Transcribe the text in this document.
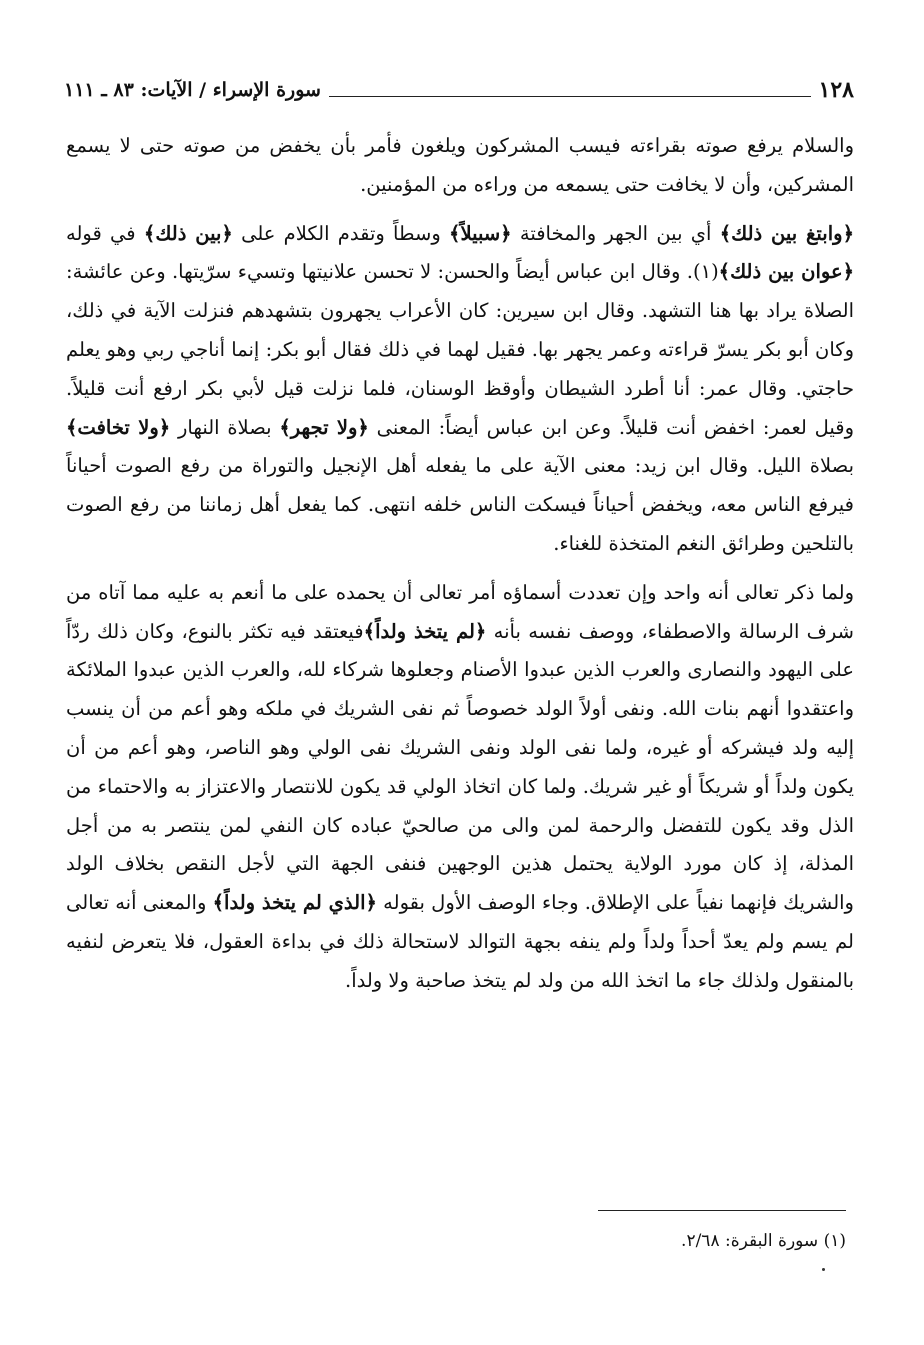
١٢٨
سورة الإسراء / الآيات: ٨٣ ـ ١١١

والسلام يرفع صوته بقراءته فيسب المشركون ويلغون فأمر بأن يخفض من صوته حتى لا يسمع المشركين، وأن لا يخافت حتى يسمعه من وراءه من المؤمنين.

﴿وابتغ بين ذلك﴾ أي بين الجهر والمخافتة ﴿سبيلاً﴾ وسطاً وتقدم الكلام على ﴿بين ذلك﴾ في قوله ﴿عوان بين ذلك﴾(١). وقال ابن عباس أيضاً والحسن: لا تحسن علانيتها وتسيء سرّيتها. وعن عائشة: الصلاة يراد بها هنا التشهد. وقال ابن سيرين: كان الأعراب يجهرون بتشهدهم فنزلت الآية في ذلك، وكان أبو بكر يسرّ قراءته وعمر يجهر بها. فقيل لهما في ذلك فقال أبو بكر: إنما أناجي ربي وهو يعلم حاجتي. وقال عمر: أنا أطرد الشيطان وأوقظ الوسنان، فلما نزلت قيل لأبي بكر ارفع أنت قليلاً. وقيل لعمر: اخفض أنت قليلاً. وعن ابن عباس أيضاً: المعنى ﴿ولا تجهر﴾ بصلاة النهار ﴿ولا تخافت﴾ بصلاة الليل. وقال ابن زيد: معنى الآية على ما يفعله أهل الإنجيل والتوراة من رفع الصوت أحياناً فيرفع الناس معه، ويخفض أحياناً فيسكت الناس خلفه انتهى. كما يفعل أهل زماننا من رفع الصوت بالتلحين وطرائق النغم المتخذة للغناء.

ولما ذكر تعالى أنه واحد وإن تعددت أسماؤه أمر تعالى أن يحمده على ما أنعم به عليه مما آتاه من شرف الرسالة والاصطفاء، ووصف نفسه بأنه ﴿لم يتخذ ولداً﴾فيعتقد فيه تكثر بالنوع، وكان ذلك ردّاً على اليهود والنصارى والعرب الذين عبدوا الأصنام وجعلوها شركاء لله، والعرب الذين عبدوا الملائكة واعتقدوا أنهم بنات الله. ونفى أولاً الولد خصوصاً ثم نفى الشريك في ملكه وهو أعم من أن ينسب إليه ولد فيشركه أو غيره، ولما نفى الولد ونفى الشريك نفى الولي وهو الناصر، وهو أعم من أن يكون ولداً أو شريكاً أو غير شريك. ولما كان اتخاذ الولي قد يكون للانتصار والاعتزاز به والاحتماء من الذل وقد يكون للتفضل والرحمة لمن والى من صالحيّ عباده كان النفي لمن ينتصر به من أجل المذلة، إذ كان مورد الولاية يحتمل هذين الوجهين فنفى الجهة التي لأجل النقص بخلاف الولد والشريك فإنهما نفياً على الإطلاق. وجاء الوصف الأول بقوله ﴿الذي لم يتخذ ولداً﴾ والمعنى أنه تعالى لم يسم ولم يعدّ أحداً ولداً ولم ينفه بجهة التوالد لاستحالة ذلك في بداءة العقول، فلا يتعرض لنفيه بالمنقول ولذلك جاء ما اتخذ الله من ولد لم يتخذ صاحبة ولا ولداً.

(١) سورة البقرة: ٢/٦٨.
